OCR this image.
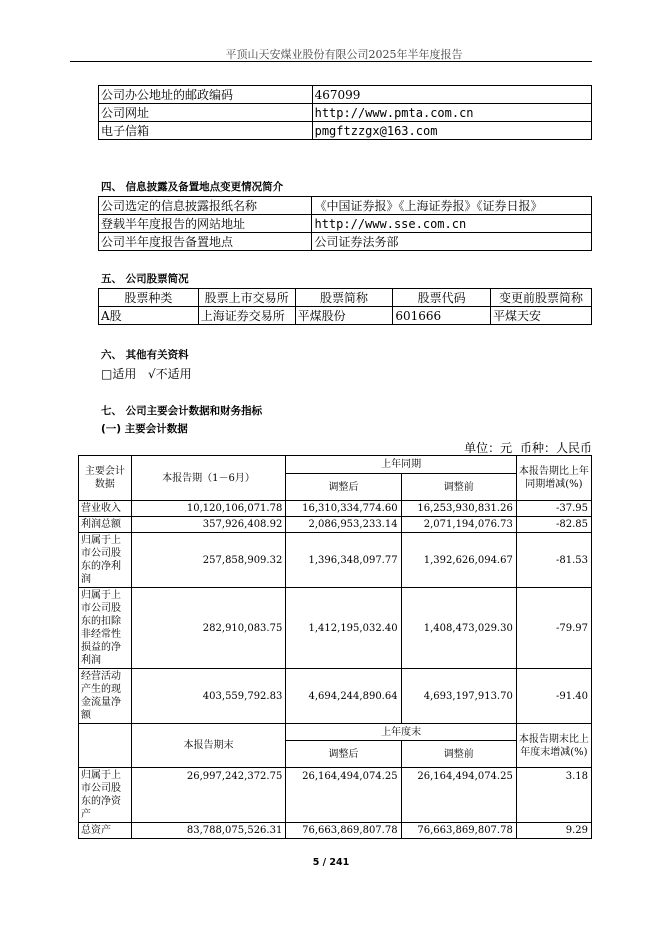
平顶山天安煤业股份有限公司2025年半年度报告
公司办公地址的邮政编码	467099
公司网址	http://www.pmta.com.cn
电子信箱	pmgftzzgx@163.com
四、 信息披露及备置地点变更情况简介
公司选定的信息披露报纸名称	《中国证券报》《上海证券报》《证券日报》
登载半年度报告的网站地址	http://www.sse.com.cn
公司半年度报告备置地点	公司证券法务部
五、 公司股票简况
股票种类	股票上市交易所	股票简称	股票代码	变更前股票简称
A股	上海证券交易所	平煤股份	601666	平煤天安
六、 其他有关资料
□适用 √不适用
七、 公司主要会计数据和财务指标
(一) 主要会计数据
单位：元 币种：人民币
主要会计数据	本报告期（1－6月）	上年同期		本报告期比上年同期增减(%)
		调整后	调整前	
营业收入	10,120,106,071.78	16,310,334,774.60	16,253,930,831.26	-37.95
利润总额	357,926,408.92	2,086,953,233.14	2,071,194,076.73	-82.85
归属于上市公司股东的净利润	257,858,909.32	1,396,348,097.77	1,392,626,094.67	-81.53
归属于上市公司股东的扣除非经常性损益的净利润	282,910,083.75	1,412,195,032.40	1,408,473,029.30	-79.97
经营活动产生的现金流量净额	403,559,792.83	4,694,244,890.64	4,693,197,913.70	-91.40
	本报告期末	上年度末		本报告期末比上年度末增减(%)
		调整后	调整前	
归属于上市公司股东的净资产	26,997,242,372.75	26,164,494,074.25	26,164,494,074.25	3.18
总资产	83,788,075,526.31	76,663,869,807.78	76,663,869,807.78	9.29
5 / 241
